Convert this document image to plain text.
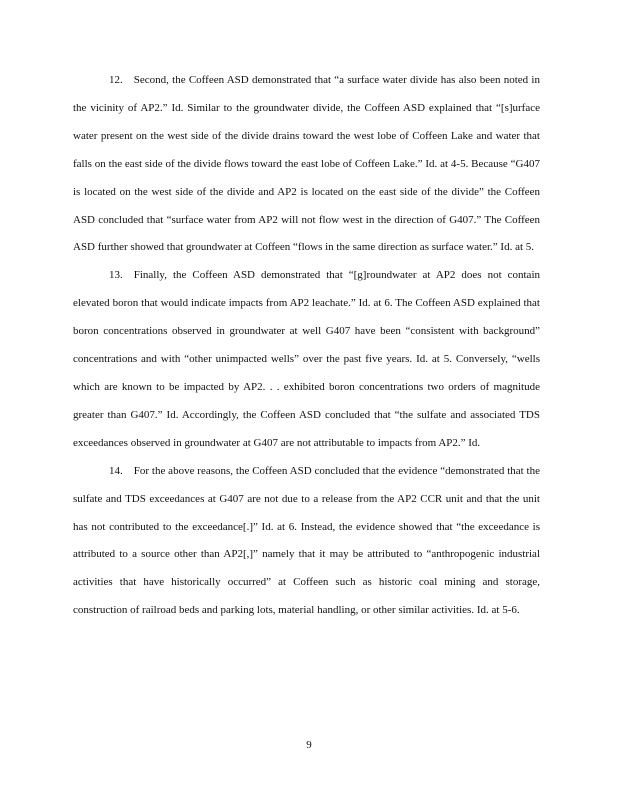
12. Second, the Coffeen ASD demonstrated that “a surface water divide has also been noted in the vicinity of AP2.” Id. Similar to the groundwater divide, the Coffeen ASD explained that “[s]urface water present on the west side of the divide drains toward the west lobe of Coffeen Lake and water that falls on the east side of the divide flows toward the east lobe of Coffeen Lake.” Id. at 4-5. Because “G407 is located on the west side of the divide and AP2 is located on the east side of the divide” the Coffeen ASD concluded that “surface water from AP2 will not flow west in the direction of G407.” The Coffeen ASD further showed that groundwater at Coffeen “flows in the same direction as surface water.” Id. at 5.

13. Finally, the Coffeen ASD demonstrated that “[g]roundwater at AP2 does not contain elevated boron that would indicate impacts from AP2 leachate.” Id. at 6. The Coffeen ASD explained that boron concentrations observed in groundwater at well G407 have been “consistent with background” concentrations and with “other unimpacted wells” over the past five years. Id. at 5. Conversely, “wells which are known to be impacted by AP2. . . exhibited boron concentrations two orders of magnitude greater than G407.” Id. Accordingly, the Coffeen ASD concluded that “the sulfate and associated TDS exceedances observed in groundwater at G407 are not attributable to impacts from AP2.” Id.

14. For the above reasons, the Coffeen ASD concluded that the evidence “demonstrated that the sulfate and TDS exceedances at G407 are not due to a release from the AP2 CCR unit and that the unit has not contributed to the exceedance[.]” Id. at 6. Instead, the evidence showed that “the exceedance is attributed to a source other than AP2[,]” namely that it may be attributed to “anthropogenic industrial activities that have historically occurred” at Coffeen such as historic coal mining and storage, construction of railroad beds and parking lots, material handling, or other similar activities. Id. at 5-6.

9
